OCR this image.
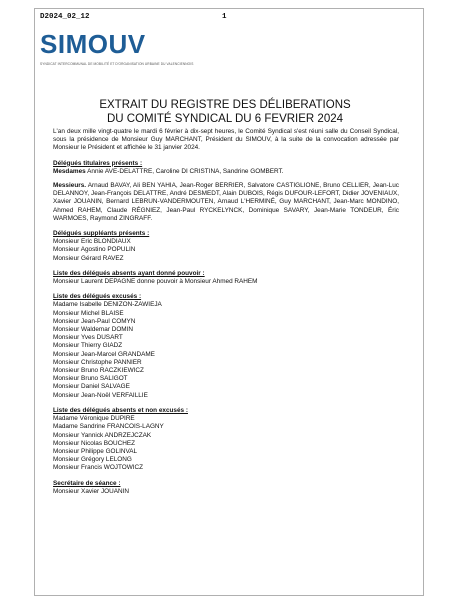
D2024_02_12	1
SIMOUV
SYNDICAT INTERCOMMUNAL DE MOBILITÉ ET D'ORGANISATION URBAINE DU VALENCIENNOIS
EXTRAIT DU REGISTRE DES DÉLIBERATIONS
DU COMITÉ SYNDICAL DU 6 FEVRIER 2024

L'an deux mille vingt-quatre le mardi 6 février à dix-sept heures, le Comité Syndical s'est réuni salle du Conseil Syndical, sous la présidence de Monsieur Guy MARCHANT, Président du SIMOUV, à la suite de la convocation adressée par Monsieur le Président et affichée le 31 janvier 2024.

Délégués titulaires présents :
Mesdames Annie AVE-DELATTRE, Caroline DI CRISTINA, Sandrine GOMBERT.
Messieurs. Arnaud BAVAY, Ali BEN YAHIA, Jean-Roger BERRIER, Salvatore CASTIGLIONE, Bruno CELLIER, Jean-Luc DELANNOY, Jean-François DELATTRE, André DESMEDT, Alain DUBOIS, Régis DUFOUR-LEFORT, Didier JOVENIAUX, Xavier JOUANIN, Bernard LEBRUN-VANDERMOUTEN, Arnaud L'HERMINÉ, Guy MARCHANT, Jean-Marc MONDINO, Ahmed RAHEM, Claude RÉGNIEZ, Jean-Paul RYCKELYNCK, Dominique SAVARY, Jean-Marie TONDEUR, Éric WARMOES, Raymond ZINGRAFF.
Délégués suppléants présents :
Monsieur Eric BLONDIAUX
Monsieur Agostino POPULIN
Monsieur Gérard RAVEZ
Liste des délégués absents ayant donné pouvoir :
Monsieur Laurent DEPAGNE donne pouvoir à Monsieur Ahmed RAHEM
Liste des délégués excusés :
Madame Isabelle DENIZON-ZAWIEJA
Monsieur Michel BLAISE
Monsieur Jean-Paul COMYN
Monsieur Waldemar DOMIN
Monsieur Yves DUSART
Monsieur Thierry GIADZ
Monsieur Jean-Marcel GRANDAME
Monsieur Christophe PANNIER
Monsieur Bruno RACZKIEWICZ
Monsieur Bruno SALIGOT
Monsieur Daniel SALVAGE
Monsieur Jean-Noël VERFAILLIE
Liste des délégués absents et non excusés :
Madame Véronique DUPIRE
Madame Sandrine FRANCOIS-LAGNY
Monsieur Yannick ANDRZEJCZAK
Monsieur Nicolas BOUCHEZ
Monsieur Philippe GOLINVAL
Monsieur Grégory LELONG
Monsieur Francis WOJTOWICZ
Secrétaire de séance :
Monsieur Xavier JOUANIN
